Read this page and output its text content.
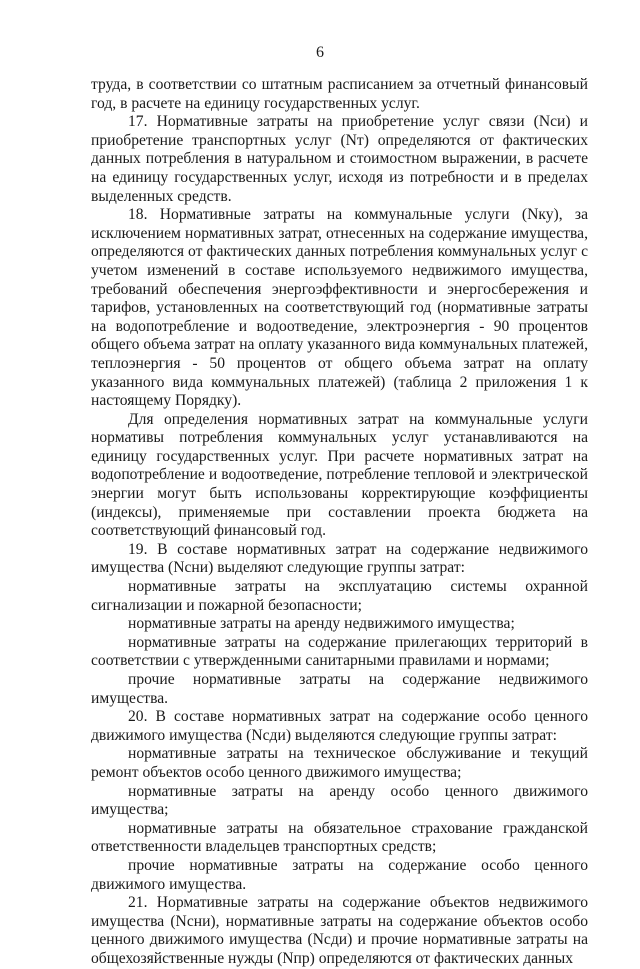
6

труда, в соответствии со штатным расписанием за отчетный финансовый год, в расчете на единицу государственных услуг.

17. Нормативные затраты на приобретение услуг связи (Nси) и приобретение транспортных услуг (Nт) определяются от фактических данных потребления в натуральном и стоимостном выражении, в расчете на единицу государственных услуг, исходя из потребности и в пределах выделенных средств.

18. Нормативные затраты на коммунальные услуги (Nку), за исключением нормативных затрат, отнесенных на содержание имущества, определяются от фактических данных потребления коммунальных услуг с учетом изменений в составе используемого недвижимого имущества, требований обеспечения энергоэффективности и энергосбережения и тарифов, установленных на соответствующий год (нормативные затраты на водопотребление и водоотведение, электроэнергия - 90 процентов общего объема затрат на оплату указанного вида коммунальных платежей, теплоэнергия - 50 процентов от общего объема затрат на оплату указанного вида коммунальных платежей) (таблица 2 приложения 1 к настоящему Порядку).

Для определения нормативных затрат на коммунальные услуги нормативы потребления коммунальных услуг устанавливаются на единицу государственных услуг. При расчете нормативных затрат на водопотребление и водоотведение, потребление тепловой и электрической энергии могут быть использованы корректирующие коэффициенты (индексы), применяемые при составлении проекта бюджета на соответствующий финансовый год.

19. В составе нормативных затрат на содержание недвижимого имущества (Nсни) выделяют следующие группы затрат:

нормативные затраты на эксплуатацию системы охранной сигнализации и пожарной безопасности;

нормативные затраты на аренду недвижимого имущества;

нормативные затраты на содержание прилегающих территорий в соответствии с утвержденными санитарными правилами и нормами;

прочие нормативные затраты на содержание недвижимого имущества.

20. В составе нормативных затрат на содержание особо ценного движимого имущества (Nсди) выделяются следующие группы затрат:

нормативные затраты на техническое обслуживание и текущий ремонт объектов особо ценного движимого имущества;

нормативные затраты на аренду особо ценного движимого имущества;

нормативные затраты на обязательное страхование гражданской ответственности владельцев транспортных средств;

прочие нормативные затраты на содержание особо ценного движимого имущества.

21. Нормативные затраты на содержание объектов недвижимого имущества (Nсни), нормативные затраты на содержание объектов особо ценного движимого имущества (Nсди) и прочие нормативные затраты на общехозяйственные нужды (Nпр) определяются от фактических данных
